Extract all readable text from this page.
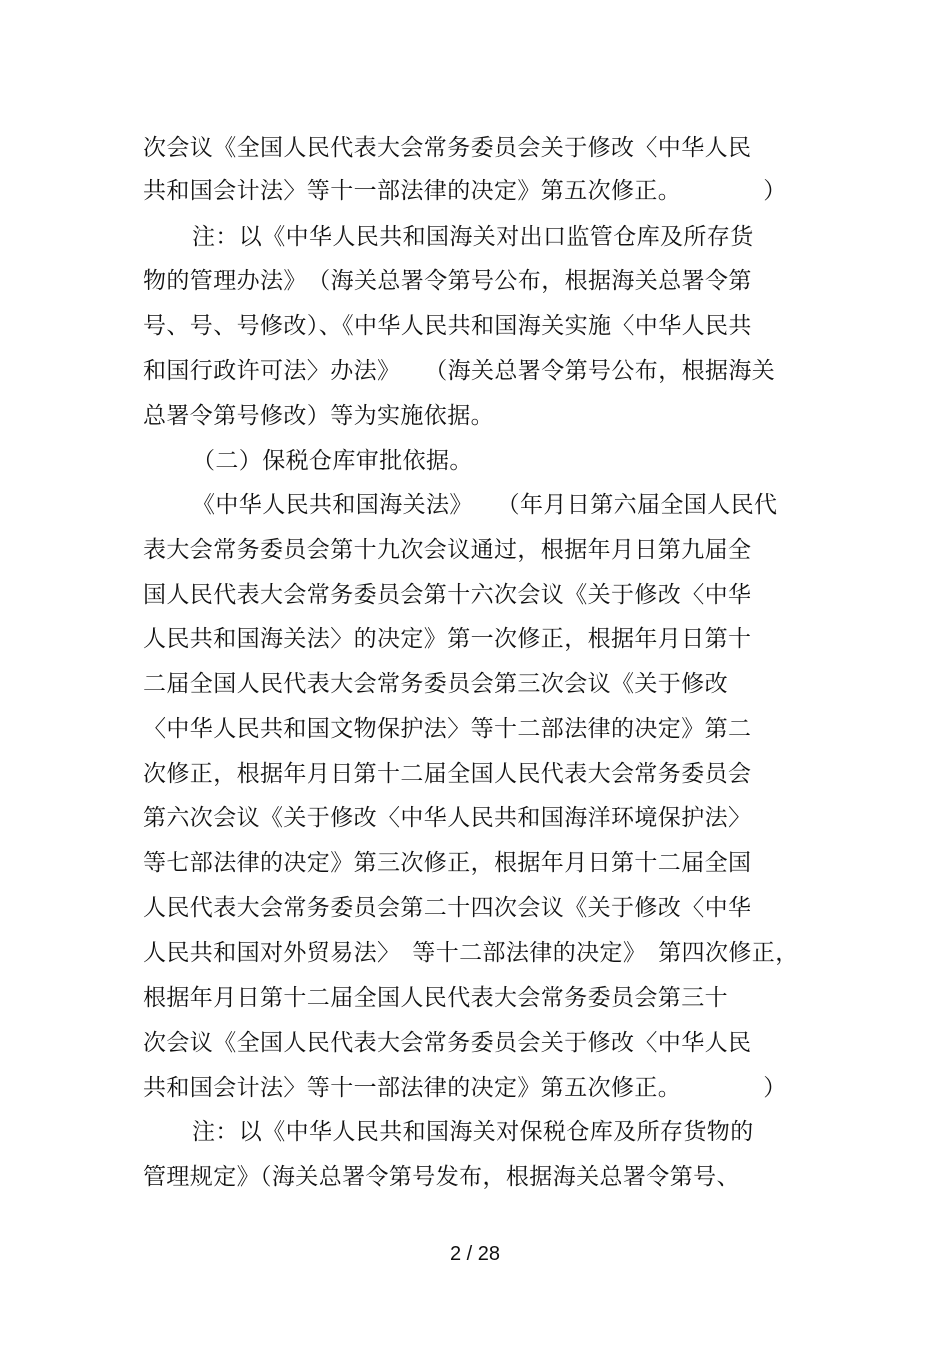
次会议《全国人民代表大会常务委员会关于修改〈中华人民
共和国会计法〉等十一部法律的决定》第五次修正。　　　　）
注：以《中华人民共和国海关对出口监管仓库及所存货
物的管理办法》　（海关总署令第号公布，根据海关总署令第
号、号、号修改）、《中华人民共和国海关实施〈中华人民共
和国行政许可法〉办法》　　（海关总署令第号公布，根据海关
总署令第号修改）等为实施依据。
（二）保税仓库审批依据。
《中华人民共和国海关法》　　（年月日第六届全国人民代
表大会常务委员会第十九次会议通过，根据年月日第九届全
国人民代表大会常务委员会第十六次会议《关于修改〈中华
人民共和国海关法〉的决定》第一次修正，根据年月日第十
二届全国人民代表大会常务委员会第三次会议《关于修改
〈中华人民共和国文物保护法〉等十二部法律的决定》第二
次修正，根据年月日第十二届全国人民代表大会常务委员会
第六次会议《关于修改〈中华人民共和国海洋环境保护法〉
等七部法律的决定》第三次修正，根据年月日第十二届全国
人民代表大会常务委员会第二十四次会议《关于修改〈中华
人民共和国对外贸易法〉　等十二部法律的决定》　第四次修正，
根据年月日第十二届全国人民代表大会常务委员会第三十
次会议《全国人民代表大会常务委员会关于修改〈中华人民
共和国会计法〉等十一部法律的决定》第五次修正。　　　　）
注：以《中华人民共和国海关对保税仓库及所存货物的
管理规定》（海关总署令第号发布，根据海关总署令第号、
2 / 28
